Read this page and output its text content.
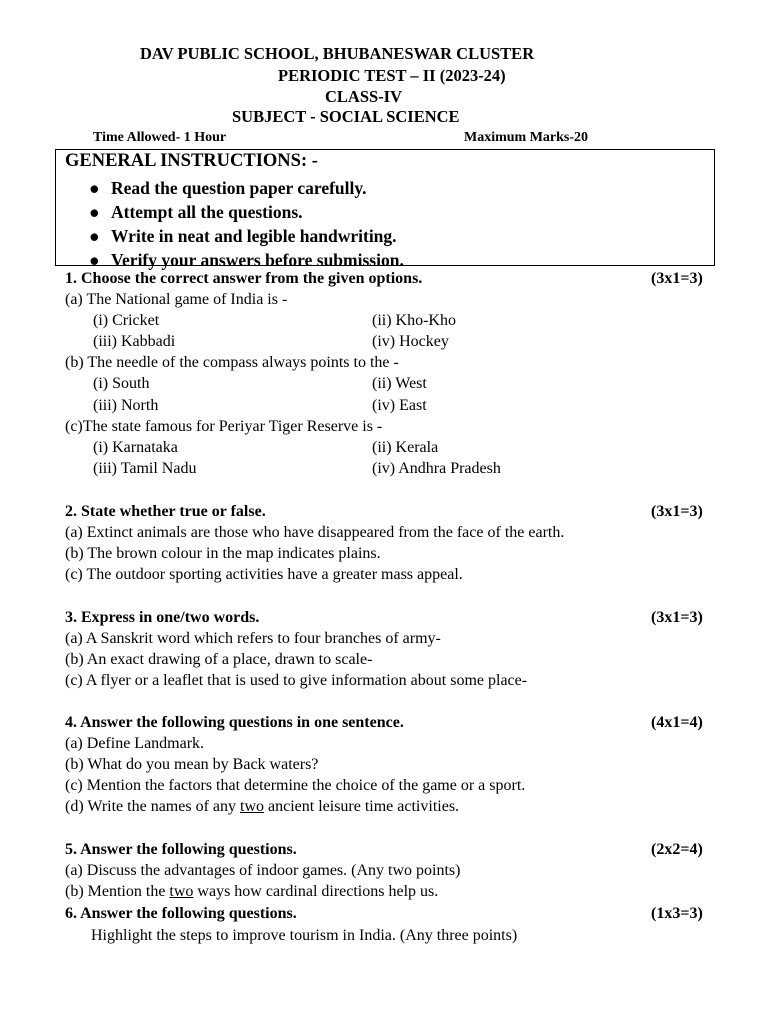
DAV PUBLIC SCHOOL, BHUBANESWAR CLUSTER
PERIODIC TEST – II (2023-24)
CLASS-IV
SUBJECT - SOCIAL SCIENCE
Time Allowed- 1 Hour	Maximum Marks-20
GENERAL INSTRUCTIONS: -
● Read the question paper carefully.
● Attempt all the questions.
● Write in neat and legible handwriting.
● Verify your answers before submission.
1. Choose the correct answer from the given options.	(3x1=3)
(a) The National game of India is -
(i) Cricket	(ii) Kho-Kho
(iii) Kabbadi	(iv) Hockey
(b) The needle of the compass always points to the -
(i) South	(ii) West
(iii) North	(iv) East
(c)The state famous for Periyar Tiger Reserve is -
(i) Karnataka	(ii) Kerala
(iii) Tamil Nadu	(iv) Andhra Pradesh
2. State whether true or false.	(3x1=3)
(a) Extinct animals are those who have disappeared from the face of the earth.
(b) The brown colour in the map indicates plains.
(c) The outdoor sporting activities have a greater mass appeal.
3. Express in one/two words.	(3x1=3)
(a) A Sanskrit word which refers to four branches of army-
(b) An exact drawing of a place, drawn to scale-
(c) A flyer or a leaflet that is used to give information about some place-
4. Answer the following questions in one sentence.	(4x1=4)
(a) Define Landmark.
(b) What do you mean by Back waters?
(c) Mention the factors that determine the choice of the game or a sport.
(d) Write the names of any two ancient leisure time activities.
5. Answer the following questions.	(2x2=4)
(a) Discuss the advantages of indoor games. (Any two points)
(b) Mention the two ways how cardinal directions help us.
6. Answer the following questions.	(1x3=3)
Highlight the steps to improve tourism in India. (Any three points)
